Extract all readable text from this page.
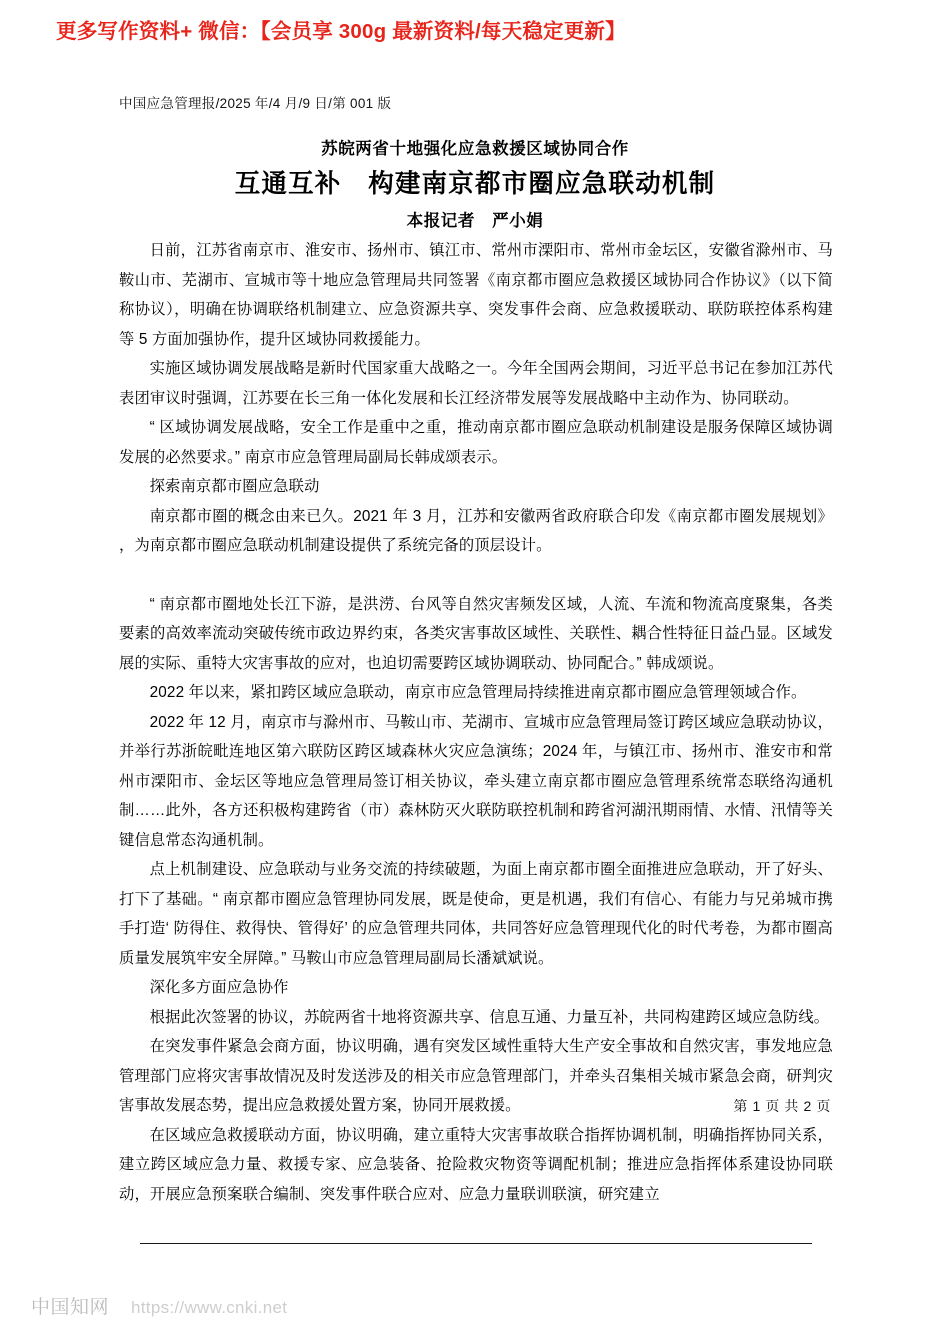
更多写作资料+ 微信：【会员享 300g 最新资料/每天稳定更新】
中国应急管理报/2025 年/4 月/9 日/第 001 版
苏皖两省十地强化应急救援区域协同合作
互通互补　构建南京都市圈应急联动机制
本报记者　严小娟

日前，江苏省南京市、淮安市、扬州市、镇江市、常州市溧阳市、常州市金坛区，安徽省滁州市、马鞍山市、芜湖市、宣城市等十地应急管理局共同签署《南京都市圈应急救援区域协同合作协议》（以下简称协议），明确在协调联络机制建立、应急资源共享、突发事件会商、应急救援联动、联防联控体系构建等 5 方面加强协作，提升区域协同救援能力。

实施区域协调发展战略是新时代国家重大战略之一。今年全国两会期间，习近平总书记在参加江苏代表团审议时强调，江苏要在长三角一体化发展和长江经济带发展等发展战略中主动作为、协同联动。

“ 区域协调发展战略，安全工作是重中之重，推动南京都市圈应急联动机制建设是服务保障区域协调发展的必然要求。” 南京市应急管理局副局长韩成颂表示。

探索南京都市圈应急联动

南京都市圈的概念由来已久。2021 年 3 月，江苏和安徽两省政府联合印发《南京都市圈发展规划》 ，为南京都市圈应急联动机制建设提供了系统完备的顶层设计。

“ 南京都市圈地处长江下游，是洪涝、台风等自然灾害频发区域，人流、车流和物流高度聚集，各类要素的高效率流动突破传统市政边界约束，各类灾害事故区域性、关联性、耦合性特征日益凸显。区域发展的实际、重特大灾害事故的应对，也迫切需要跨区域协调联动、协同配合。” 韩成颂说。

2022 年以来，紧扣跨区域应急联动，南京市应急管理局持续推进南京都市圈应急管理领域合作。

2022 年 12 月，南京市与滁州市、马鞍山市、芜湖市、宣城市应急管理局签订跨区域应急联动协议，并举行苏浙皖毗连地区第六联防区跨区域森林火灾应急演练；2024 年，与镇江市、扬州市、淮安市和常州市溧阳市、金坛区等地应急管理局签订相关协议，牵头建立南京都市圈应急管理系统常态联络沟通机制……此外，各方还积极构建跨省（市）森林防灭火联防联控机制和跨省河湖汛期雨情、水情、汛情等关键信息常态沟通机制。

点上机制建设、应急联动与业务交流的持续破题，为面上南京都市圈全面推进应急联动，开了好头、打下了基础。“ 南京都市圈应急管理协同发展，既是使命，更是机遇，我们有信心、有能力与兄弟城市携手打造‘ 防得住、救得快、管得好’ 的应急管理共同体，共同答好应急管理现代化的时代考卷，为都市圈高质量发展筑牢安全屏障。” 马鞍山市应急管理局副局长潘斌斌说。

深化多方面应急协作

根据此次签署的协议，苏皖两省十地将资源共享、信息互通、力量互补，共同构建跨区域应急防线。

在突发事件紧急会商方面，协议明确，遇有突发区域性重特大生产安全事故和自然灾害，事发地应急管理部门应将灾害事故情况及时发送涉及的相关市应急管理部门，并牵头召集相关城市紧急会商，研判灾害事故发展态势，提出应急救援处置方案，协同开展救援。

在区域应急救援联动方面，协议明确，建立重特大灾害事故联合指挥协调机制，明确指挥协同关系，建立跨区域应急力量、救援专家、应急装备、抢险救灾物资等调配机制；推进应急指挥体系建设协同联动，开展应急预案联合编制、突发事件联合应对、应急力量联训联演，研究建立

第 1 页 共 2 页
中国知网 https://www.cnki.net
